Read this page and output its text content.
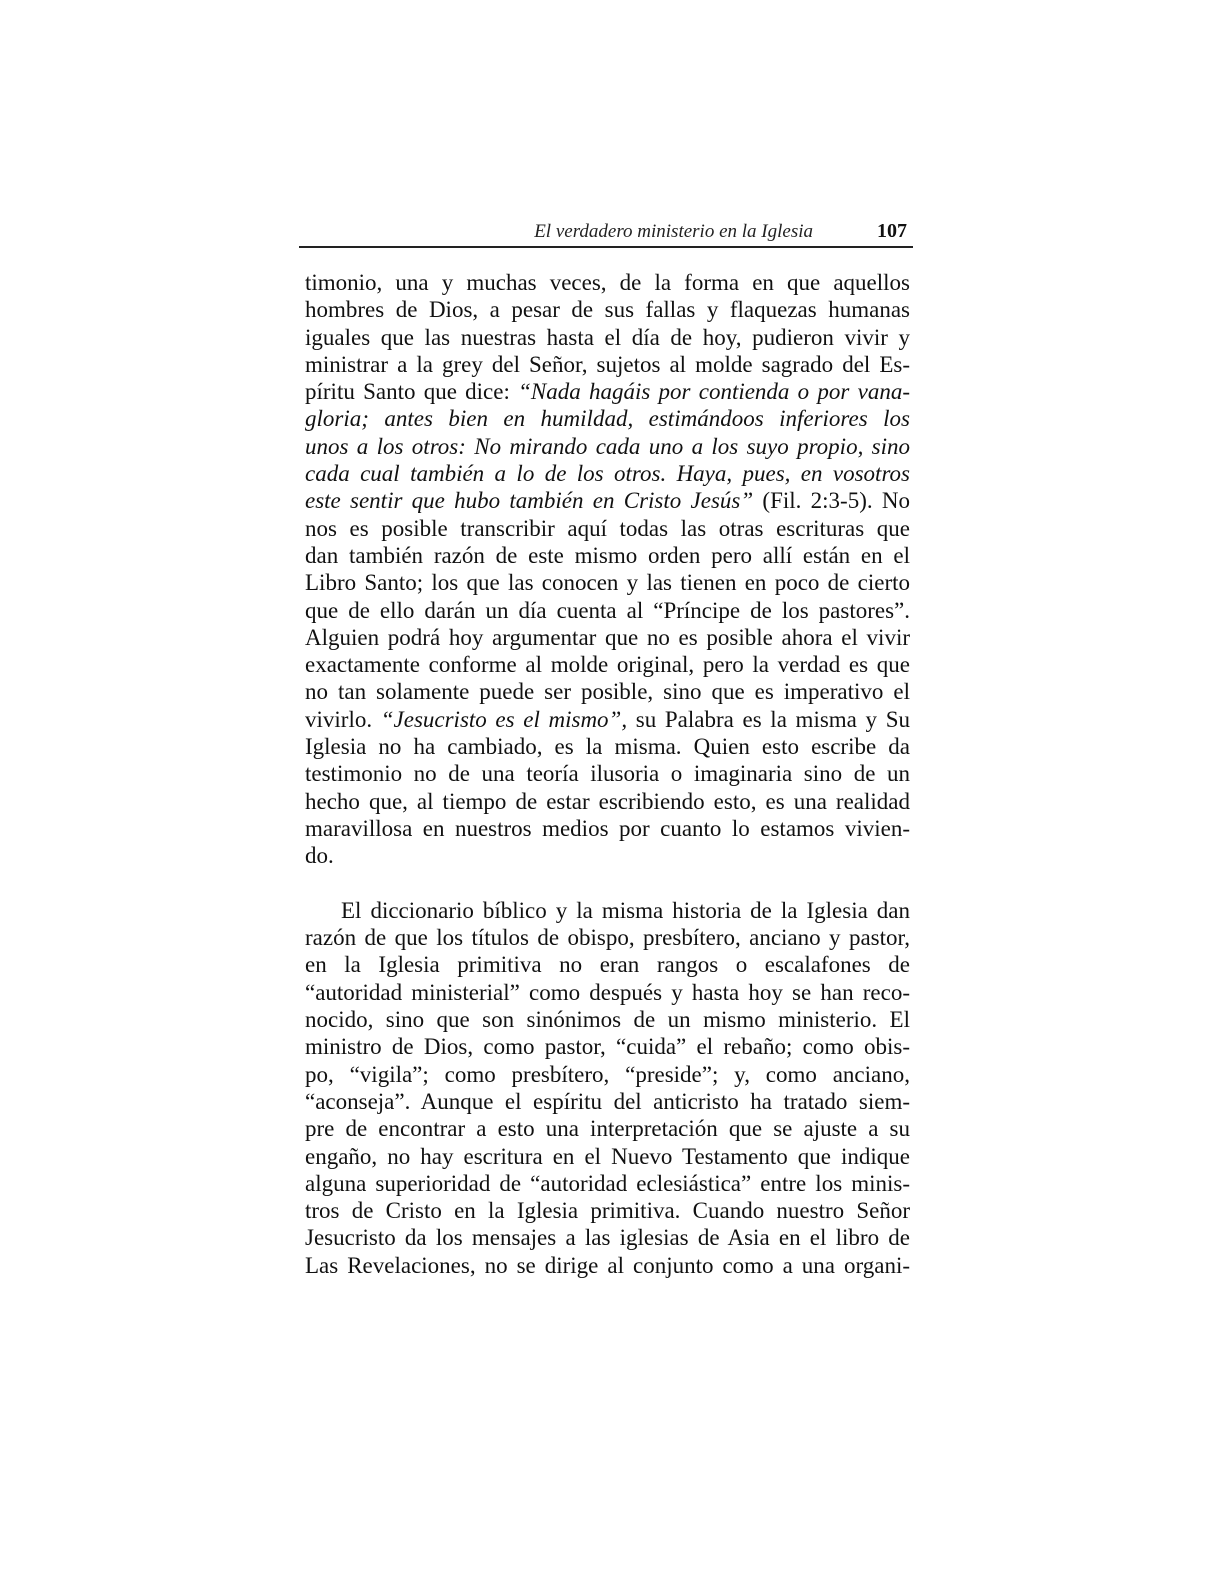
El verdadero ministerio en la Iglesia	107
timonio, una y muchas veces, de la forma en que aquellos
hombres de Dios, a pesar de sus fallas y flaquezas humanas
iguales que las nuestras hasta el día de hoy, pudieron vivir y
ministrar a la grey del Señor, sujetos al molde sagrado del Es-
píritu Santo que dice: “Nada hagáis por contienda o por vana-
gloria; antes bien en humildad, estimándoos inferiores los
unos a los otros: No mirando cada uno a los suyo propio, sino
cada cual también a lo de los otros. Haya, pues, en vosotros
este sentir que hubo también en Cristo Jesús” (Fil. 2:3-5). No
nos es posible transcribir aquí todas las otras escrituras que
dan también razón de este mismo orden pero allí están en el
Libro Santo; los que las conocen y las tienen en poco de cierto
que de ello darán un día cuenta al “Príncipe de los pastores”.
Alguien podrá hoy argumentar que no es posible ahora el vivir
exactamente conforme al molde original, pero la verdad es que
no tan solamente puede ser posible, sino que es imperativo el
vivirlo. “Jesucristo es el mismo”, su Palabra es la misma y Su
Iglesia no ha cambiado, es la misma. Quien esto escribe da
testimonio no de una teoría ilusoria o imaginaria sino de un
hecho que, al tiempo de estar escribiendo esto, es una realidad
maravillosa en nuestros medios por cuanto lo estamos vivien-
do.
El diccionario bíblico y la misma historia de la Iglesia dan
razón de que los títulos de obispo, presbítero, anciano y pastor,
en la Iglesia primitiva no eran rangos o escalafones de
“autoridad ministerial” como después y hasta hoy se han reco-
nocido, sino que son sinónimos de un mismo ministerio. El
ministro de Dios, como pastor, “cuida” el rebaño; como obis-
po, “vigila”; como presbítero, “preside”; y, como anciano,
“aconseja”. Aunque el espíritu del anticristo ha tratado siem-
pre de encontrar a esto una interpretación que se ajuste a su
engaño, no hay escritura en el Nuevo Testamento que indique
alguna superioridad de “autoridad eclesiástica” entre los minis-
tros de Cristo en la Iglesia primitiva. Cuando nuestro Señor
Jesucristo da los mensajes a las iglesias de Asia en el libro de
Las Revelaciones, no se dirige al conjunto como a una organi-
